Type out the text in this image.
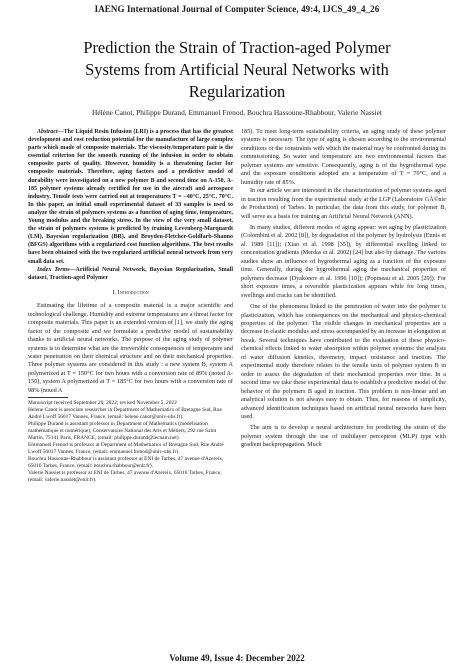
IAENG International Journal of Computer Science, 49:4, IJCS_49_4_26
Prediction the Strain of Traction-aged Polymer
Systems from Artificial Neural Networks with
Regularization
Hélène Canot, Philippe Durand, Emmanuel Frenod, Bouchra Hassoune-Rhabbour, Valerie Nassiet

Abstract—The Liquid Resin Infusion (LRI) is a process that has the greatest development and cost reduction potential for the manufacture of large complex parts which made of composite materials. The viscosity/temperature pair is the essential criterion for the smooth running of the infusion in order to obtain composite parts of quality. However, humidity is a threatening factor for composite materials. Therefore, aging factors and a predictive model of durability were investigated on a new polymer B and second time on A-150, A-185 polymer systems already certified for use in the aircraft and aerospace industry. Tensile tests were carried out at temperatures T = −40°C, 25°C, 70°C. In this paper, an initial small experimental dataset of 33 samples is used to analyze the strain of polymers systems as a function of aging time, temperature, Young modulus and the breaking stress. In the view of the very small dataset, the strain of polymers systems is predicted by training Levenberg-Marquardt (LM), Bayesian regularization (BR), and Broyden-Fletcher-Goldfarb-Shanno (BFGS) algorithms with a regularized cost function algorithms. The best results have been obtained with the two regularized artificial neural network from very small data set.

Index Terms—Artificial Neural Network, Bayesian Regularization, Small dataset, Traction-aged Polymer

I. Introduction

Estimating the lifetime of a composite material is a major scientific and technological challenge. Humidity and extreme temperatures are a threat factor for composite materials. This paper is an extended version of [1], we study the aging factor of the composite and we formulate a predictive model of sustainability thanks to artificial neural networks. The purpose of the aging study of polymer systems is to determine what are the irreversible consequences of temperature and water penetration on their chemical structure and on their mechanical properties. Three polymer systems are considered in this study : a new system B, system A polymerized at T = 150°C for two hours with a conversion rate of 89% (noted A-150), system A polymerized at T = 185°C for two hours with a conversion rate of 98% (noted A

Manuscript received September 20, 2022; revised November 5, 2022

Helene Canot is associate researcher in Department of Mathematics of Bretagne Sud, Rue André Lwoff 56017 Vannes, France, (email: helene.canot@univ-ubs.fr).

Philippe Durand is assistant professor in Department of Mathematics (modélisation mathématique et numérique), Conservatoire National des Arts et Métiers, 292 rue Saint Martin, 75141 Paris, FRANCE, (email: philippe.durand@lecnam.net).

Emmanuel Frenod is professor at Department of Mathematics of Bretagne Sud, Rue André Lwoff 56017 Vannes, France, (email: emmanuel.frenod@univ-ubs.fr).

Bouchra Hassoune-Rhabbour is assistant professor at ENI de Tarbes, 47 avenue d'Azereix, 65016 Tarbes, France, (email: bouchra.rhabbour@enit.fr).

Valerie Nassiet is professor at ENI de Tarbes, 47 avenue d'Azereix, 65016 Tarbes, France, (email: valerie.nassiet@enit.fr).

185). To meet long-term sustainability criteria, an aging study of these polymer systems is necessary. The type of aging is chosen according to the environmental conditions or the constraints with which the material may be confronted during its commissioning. So water and temperature are two environmental factors that polymer systems are sensitive. Consequently, aging is of the hygrothermal type and the exposure conditions adopted are a temperature of T = 70°C, and a humidity rate of 85%.

In our article we are interested in the characterization of polymer systems aged in traction resulting from the experimental study at the LGP (Laboratoire GÃ©nie de Production) of Tarbes. In particular, the data from this study, for polymer B, will serve as a basis for training an Artificial Neural Network (ANN).

In many studies, different modes of aging appear: wet aging by plasticization (Colombini et al. 2002 [8]), by degradation of the polymer by hydrolysis (Ennis et al. 1989 [11]); (Xiao et al. 1998 [35]), by differential swelling linked to concentration gradients (Merdas et al. 2002) [24] but also by damage. The various studies show an influence of hygrothermal aging as a function of the exposure time. Generally, during the hygrothermal aging the mechanical properties of polymers decrease (Dyakonov et al. 1996 [10]); (Popineau et al. 2005 [29]). For short exposure times, a reversible plasticization appears while for long times, swellings and cracks can be identified.

One of the phenomena linked to the penetration of water into the polymer is plasticization, which has consequences on the mechanical and physico-chemical properties of the polymer. The visible changes in mechanical properties are a decrease in elastic modulus and stress accompanied by an increase in elongation at break. Several techniques have contributed to the evaluation of these physico-chemical effects linked to water absorption within polymer systems: the analysis of water diffusion kinetics, rheometry, impact resistance and traction. The experimental study therefore relates to the tensile tests of polymer system B in order to assess the degradation of their mechanical properties over time. In a second time we take these experimental data to establish a predictive model of the behavior of the polymers B aged in traction. This problem is non-linear and an analytical solution is not always easy to obtain. Thus, for reasons of simplicity, advanced identification techniques based on artificial neural networks have been used.

The aim is to develop a neural architecture for predicting the strain of the polymer system through the use of multilayer perceptron (MLP) type with gradient backpropagation. Much

Volume 49, Issue 4: December 2022
